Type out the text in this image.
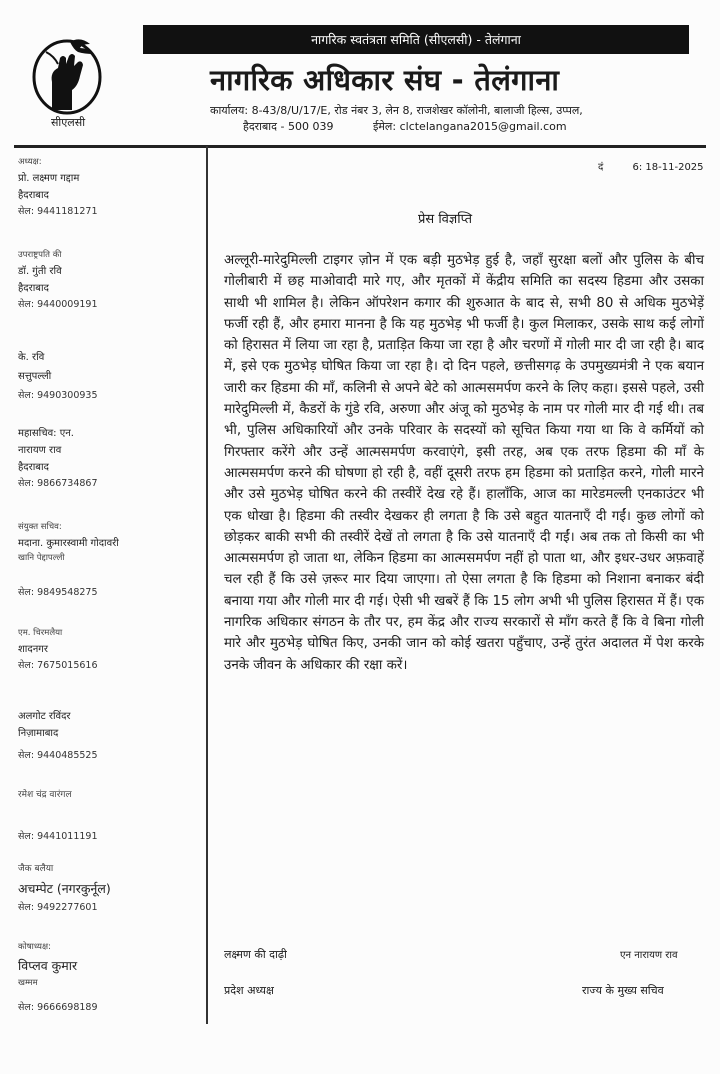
सीएलसी
नागरिक स्वतंत्रता समिति (सीएलसी) - तेलंगाना
नागरिक अधिकार संघ - तेलंगाना
कार्यालय: 8-43/8/U/17/E, रोड नंबर 3, लेन 8, राजशेखर कॉलोनी, बालाजी हिल्स, उप्पल,
हैदराबाद - 500 039	ईमेल: clctelangana2015@gmail.com
अध्यक्ष:
प्रो. लक्ष्मण गद्दाम
हैदराबाद
सेल: 9441181271
उपराष्ट्रपति की
डॉ. गुंती रवि
हैदराबाद
सेल: 9440009191
के. रवि
सत्तुपल्ली
सेल: 9490300935
महासचिव: एन.
नारायण राव
हैदराबाद
सेल: 9866734867
संयुक्त सचिव:
मदाना. कुमारस्वामी गोदावरी
खानि पेद्दापल्ली
सेल: 9849548275
एम. चिरमलैया
शादनगर
सेल: 7675015616
अलगोट रविंदर
निज़ामाबाद
सेल: 9440485525
रमेश चंद्र वारंगल
सेल: 9441011191
जैक बलैया
अचम्पेट (नगरकुर्नूल)
सेल: 9492277601
कोषाध्यक्ष:
विप्लव कुमार
खम्मम
सेल: 9666698189
दं	6: 18-11-2025
प्रेस विज्ञप्ति
अल्लूरी-मारेदुमिल्ली टाइगर ज़ोन में एक बड़ी मुठभेड़ हुई है, जहाँ सुरक्षा बलों और पुलिस के बीच गोलीबारी में छह माओवादी मारे गए, और मृतकों में केंद्रीय समिति का सदस्य हिडमा और उसका साथी भी शामिल है। लेकिन ऑपरेशन कगार की शुरुआत के बाद से, सभी 80 से अधिक मुठभेड़ें फर्जी रही हैं, और हमारा मानना है कि यह मुठभेड़ भी फर्जी है। कुल मिलाकर, उसके साथ कई लोगों को हिरासत में लिया जा रहा है, प्रताड़ित किया जा रहा है और चरणों में गोली मार दी जा रही है। बाद में, इसे एक मुठभेड़ घोषित किया जा रहा है। दो दिन पहले, छत्तीसगढ़ के उपमुख्यमंत्री ने एक बयान जारी कर हिडमा की माँ, कलिनी से अपने बेटे को आत्मसमर्पण करने के लिए कहा। इससे पहले, उसी मारेदुमिल्ली में, कैडरों के गुंडे रवि, अरुणा और अंजू को मुठभेड़ के नाम पर गोली मार दी गई थी। तब भी, पुलिस अधिकारियों और उनके परिवार के सदस्यों को सूचित किया गया था कि वे कर्मियों को गिरफ्तार करेंगे और उन्हें आत्मसमर्पण करवाएंगे, इसी तरह, अब एक तरफ हिडमा की माँ के आत्मसमर्पण करने की घोषणा हो रही है, वहीं दूसरी तरफ हम हिडमा को प्रताड़ित करने, गोली मारने और उसे मुठभेड़ घोषित करने की तस्वीरें देख रहे हैं। हालाँकि, आज का मारेडमल्ली एनकाउंटर भी एक धोखा है। हिडमा की तस्वीर देखकर ही लगता है कि उसे बहुत यातनाएँ दी गईं। कुछ लोगों को छोड़कर बाकी सभी की तस्वीरें देखें तो लगता है कि उसे यातनाएँ दी गईं। अब तक तो किसी का भी आत्मसमर्पण हो जाता था, लेकिन हिडमा का आत्मसमर्पण नहीं हो पाता था, और इधर-उधर अफ़वाहें चल रही हैं कि उसे ज़रूर मार दिया जाएगा। तो ऐसा लगता है कि हिडमा को निशाना बनाकर बंदी बनाया गया और गोली मार दी गई। ऐसी भी खबरें हैं कि 15 लोग अभी भी पुलिस हिरासत में हैं। एक नागरिक अधिकार संगठन के तौर पर, हम केंद्र और राज्य सरकारों से माँग करते हैं कि वे बिना गोली मारे और मुठभेड़ घोषित किए, उनकी जान को कोई खतरा पहुँचाए, उन्हें तुरंत अदालत में पेश करके उनके जीवन के अधिकार की रक्षा करें।
लक्ष्मण की दाढ़ी
प्रदेश अध्यक्ष
एन नारायण राव
राज्य के मुख्य सचिव
